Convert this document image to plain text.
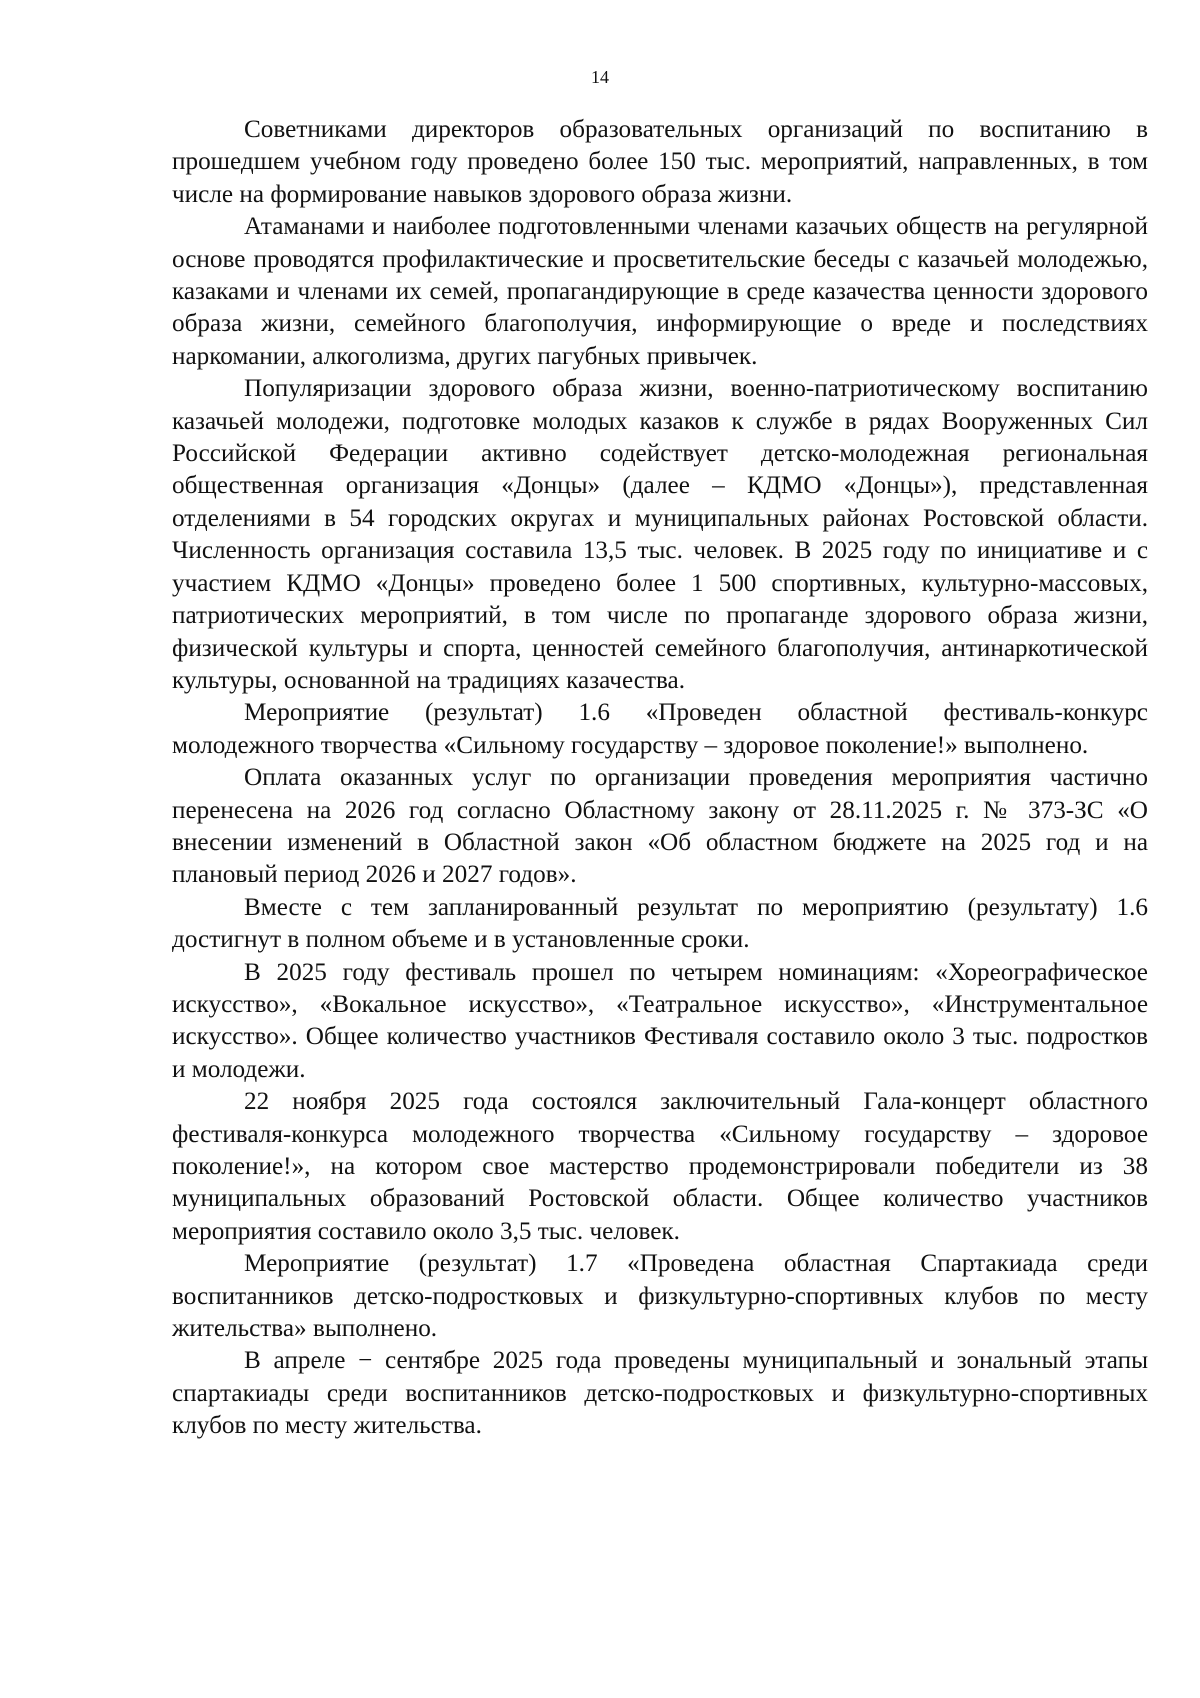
14

Советниками директоров образовательных организаций по воспитанию в прошедшем учебном году проведено более 150 тыс. мероприятий, направленных, в том числе на формирование навыков здорового образа жизни.

Атаманами и наиболее подготовленными членами казачьих обществ на регулярной основе проводятся профилактические и просветительские беседы с казачьей молодежью, казаками и членами их семей, пропагандирующие в среде казачества ценности здорового образа жизни, семейного благополучия, информирующие о вреде и последствиях наркомании, алкоголизма, других пагубных привычек.

Популяризации здорового образа жизни, военно-патриотическому воспитанию казачьей молодежи, подготовке молодых казаков к службе в рядах Вооруженных Сил Российской Федерации активно содействует детско-молодежная региональная общественная организация «Донцы» (далее – КДМО «Донцы»), представленная отделениями в 54 городских округах и муниципальных районах Ростовской области. Численность организация составила 13,5 тыс. человек. В 2025 году по инициативе и с участием КДМО «Донцы» проведено более 1 500 спортивных, культурно-массовых, патриотических мероприятий, в том числе по пропаганде здорового образа жизни, физической культуры и спорта, ценностей семейного благополучия, антинаркотической культуры, основанной на традициях казачества.

Мероприятие (результат) 1.6 «Проведен областной фестиваль-конкурс молодежного творчества «Сильному государству – здоровое поколение!» выполнено.

Оплата оказанных услуг по организации проведения мероприятия частично перенесена на 2026 год согласно Областному закону от 28.11.2025 г. № 373-ЗС «О внесении изменений в Областной закон «Об областном бюджете на 2025 год и на плановый период 2026 и 2027 годов».

Вместе с тем запланированный результат по мероприятию (результату) 1.6 достигнут в полном объеме и в установленные сроки.

В 2025 году фестиваль прошел по четырем номинациям: «Хореографическое искусство», «Вокальное искусство», «Театральное искусство», «Инструментальное искусство». Общее количество участников Фестиваля составило около 3 тыс. подростков и молодежи.

22 ноября 2025 года состоялся заключительный Гала-концерт областного фестиваля-конкурса молодежного творчества «Сильному государству – здоровое поколение!», на котором свое мастерство продемонстрировали победители из 38 муниципальных образований Ростовской области. Общее количество участников мероприятия составило около 3,5 тыс. человек.

Мероприятие (результат) 1.7 «Проведена областная Спартакиада среди воспитанников детско-подростковых и физкультурно-спортивных клубов по месту жительства» выполнено.

В апреле − сентябре 2025 года проведены муниципальный и зональный этапы спартакиады среди воспитанников детско-подростковых и физкультурно-спортивных клубов по месту жительства.
